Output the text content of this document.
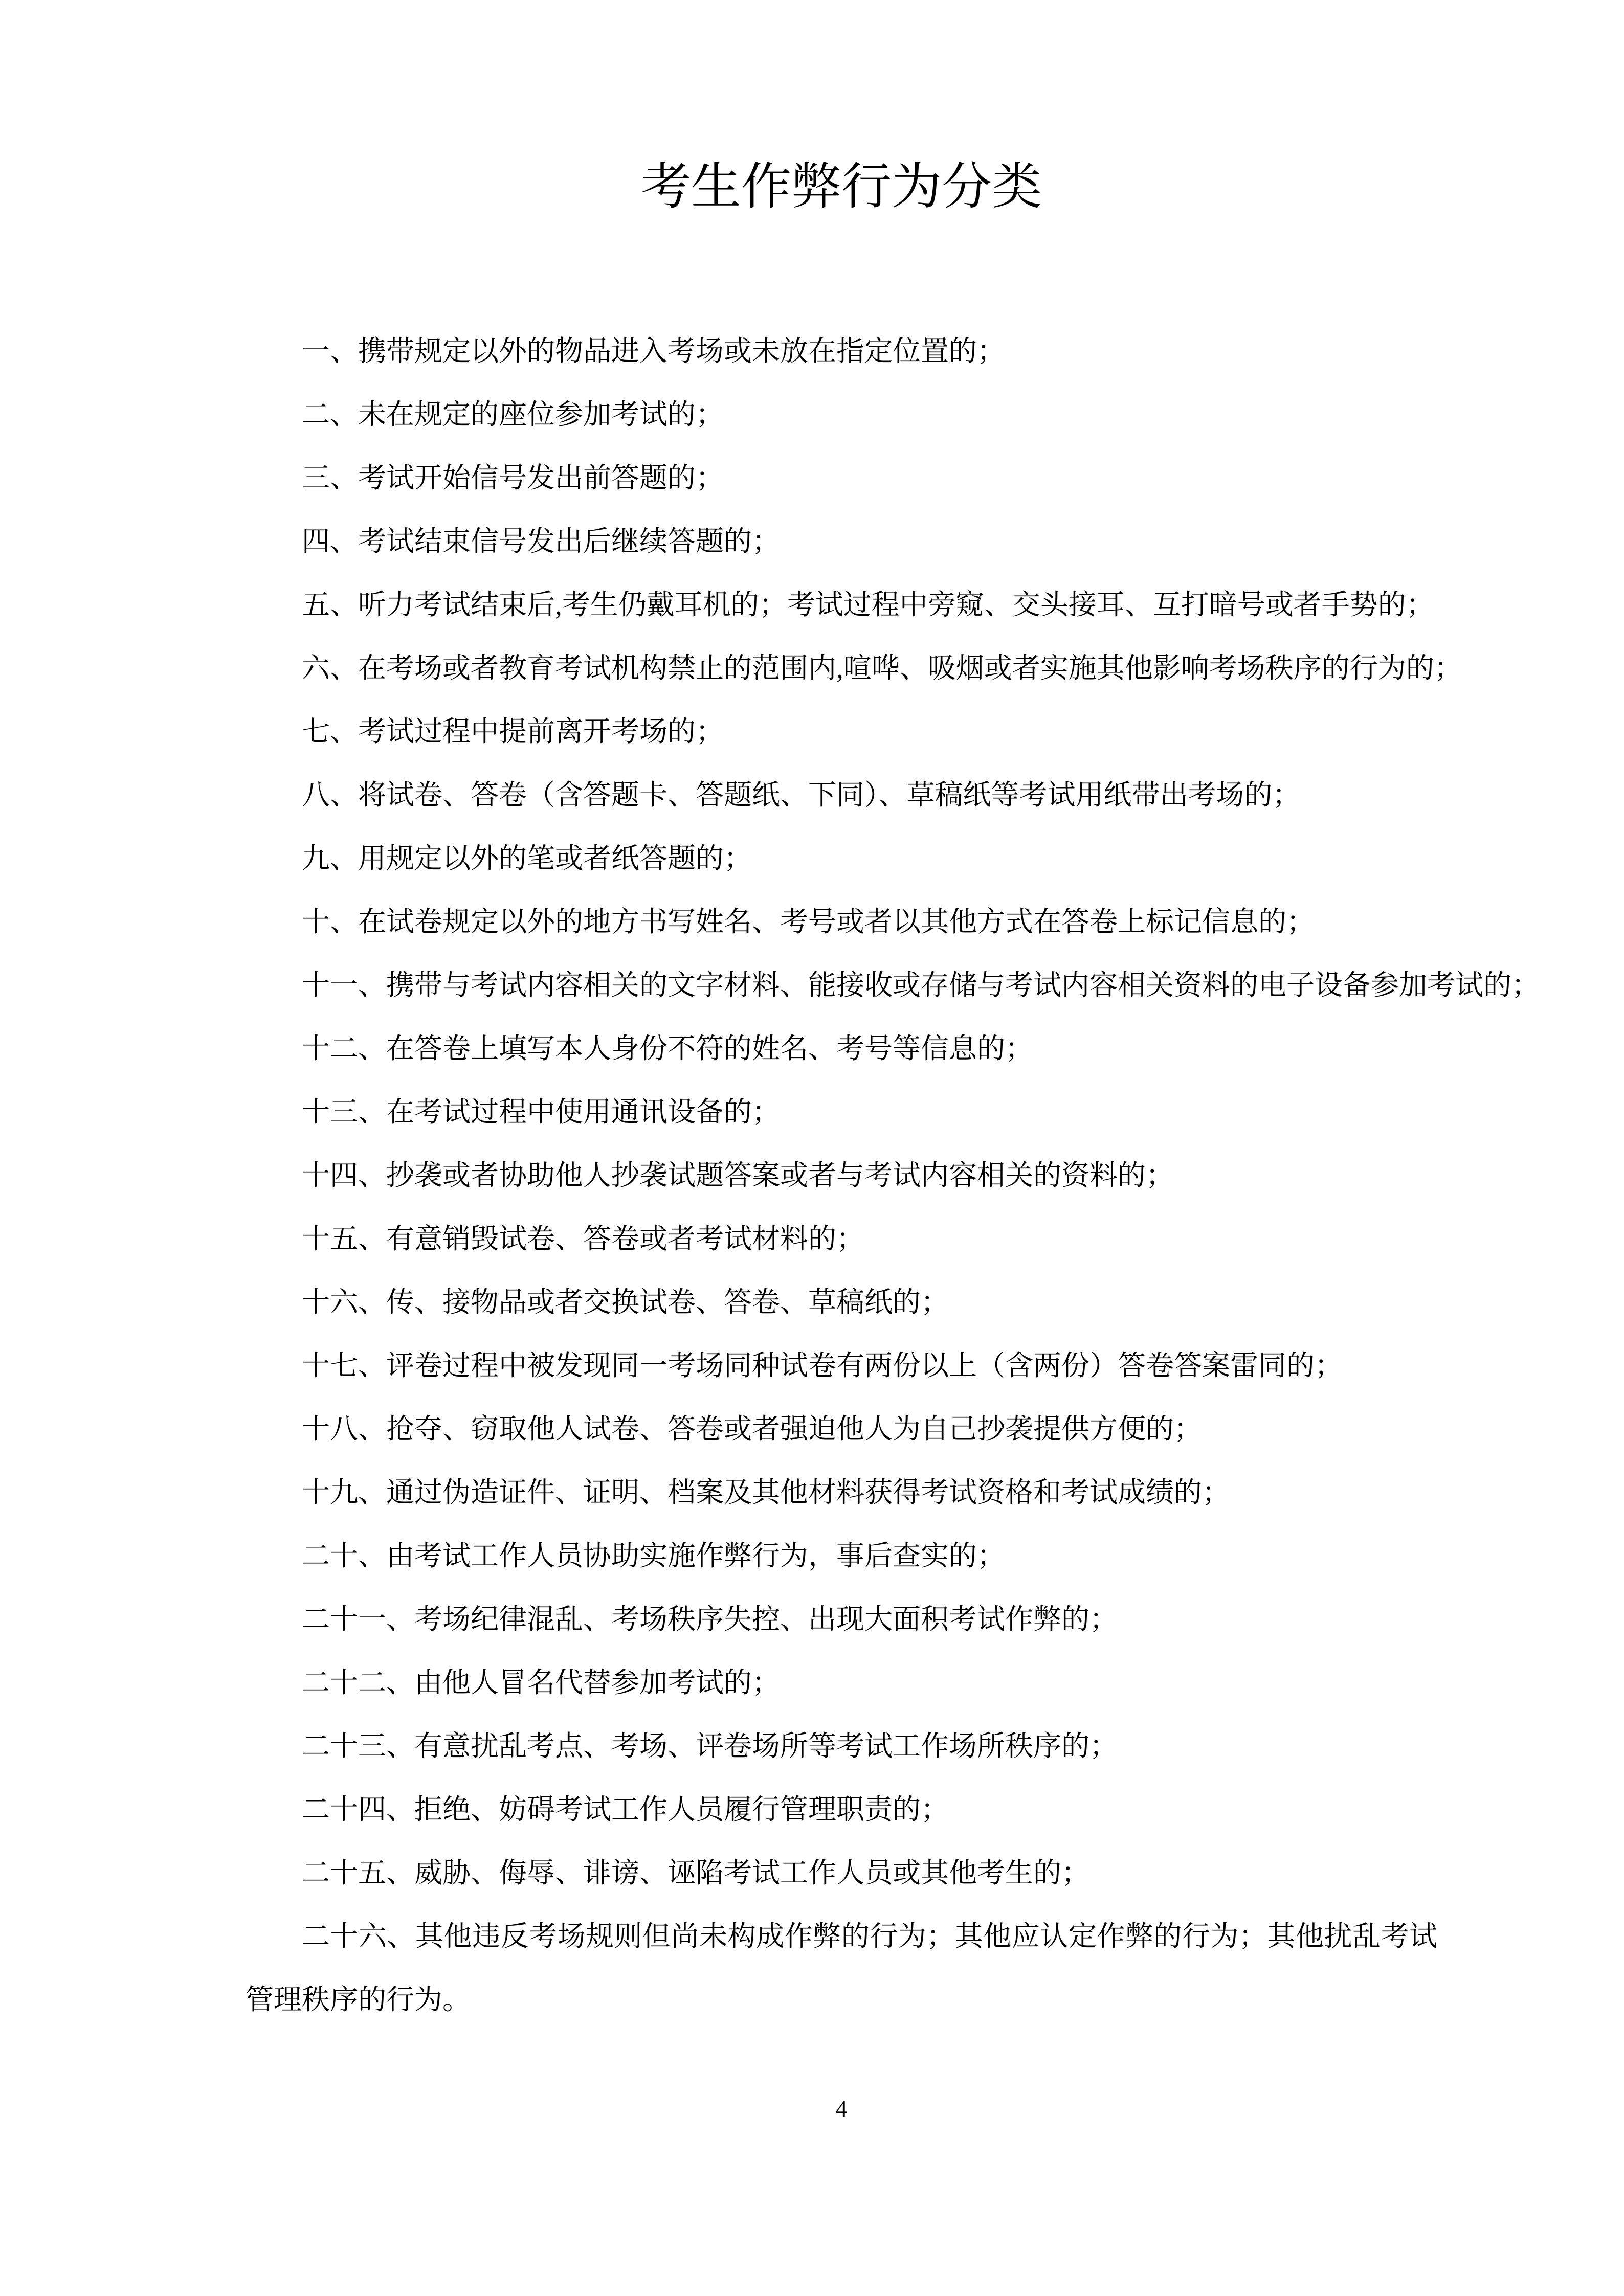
考生作弊行为分类

一、携带规定以外的物品进入考场或未放在指定位置的；

二、未在规定的座位参加考试的；

三、考试开始信号发出前答题的；

四、考试结束信号发出后继续答题的；

五、听力考试结束后,考生仍戴耳机的；考试过程中旁窥、交头接耳、互打暗号或者手势的；

六、在考场或者教育考试机构禁止的范围内,喧哗、吸烟或者实施其他影响考场秩序的行为的；

七、考试过程中提前离开考场的；

八、将试卷、答卷（含答题卡、答题纸、下同）、草稿纸等考试用纸带出考场的；

九、用规定以外的笔或者纸答题的；

十、在试卷规定以外的地方书写姓名、考号或者以其他方式在答卷上标记信息的；

十一、携带与考试内容相关的文字材料、能接收或存储与考试内容相关资料的电子设备参加考试的；

十二、在答卷上填写本人身份不符的姓名、考号等信息的；

十三、在考试过程中使用通讯设备的；

十四、抄袭或者协助他人抄袭试题答案或者与考试内容相关的资料的；

十五、有意销毁试卷、答卷或者考试材料的；

十六、传、接物品或者交换试卷、答卷、草稿纸的；

十七、评卷过程中被发现同一考场同种试卷有两份以上（含两份）答卷答案雷同的；

十八、抢夺、窃取他人试卷、答卷或者强迫他人为自己抄袭提供方便的；

十九、通过伪造证件、证明、档案及其他材料获得考试资格和考试成绩的；

二十、由考试工作人员协助实施作弊行为，事后查实的；

二十一、考场纪律混乱、考场秩序失控、出现大面积考试作弊的；

二十二、由他人冒名代替参加考试的；

二十三、有意扰乱考点、考场、评卷场所等考试工作场所秩序的；

二十四、拒绝、妨碍考试工作人员履行管理职责的；

二十五、威胁、侮辱、诽谤、诬陷考试工作人员或其他考生的；

二十六、其他违反考场规则但尚未构成作弊的行为；其他应认定作弊的行为；其他扰乱考试管理秩序的行为。

4
